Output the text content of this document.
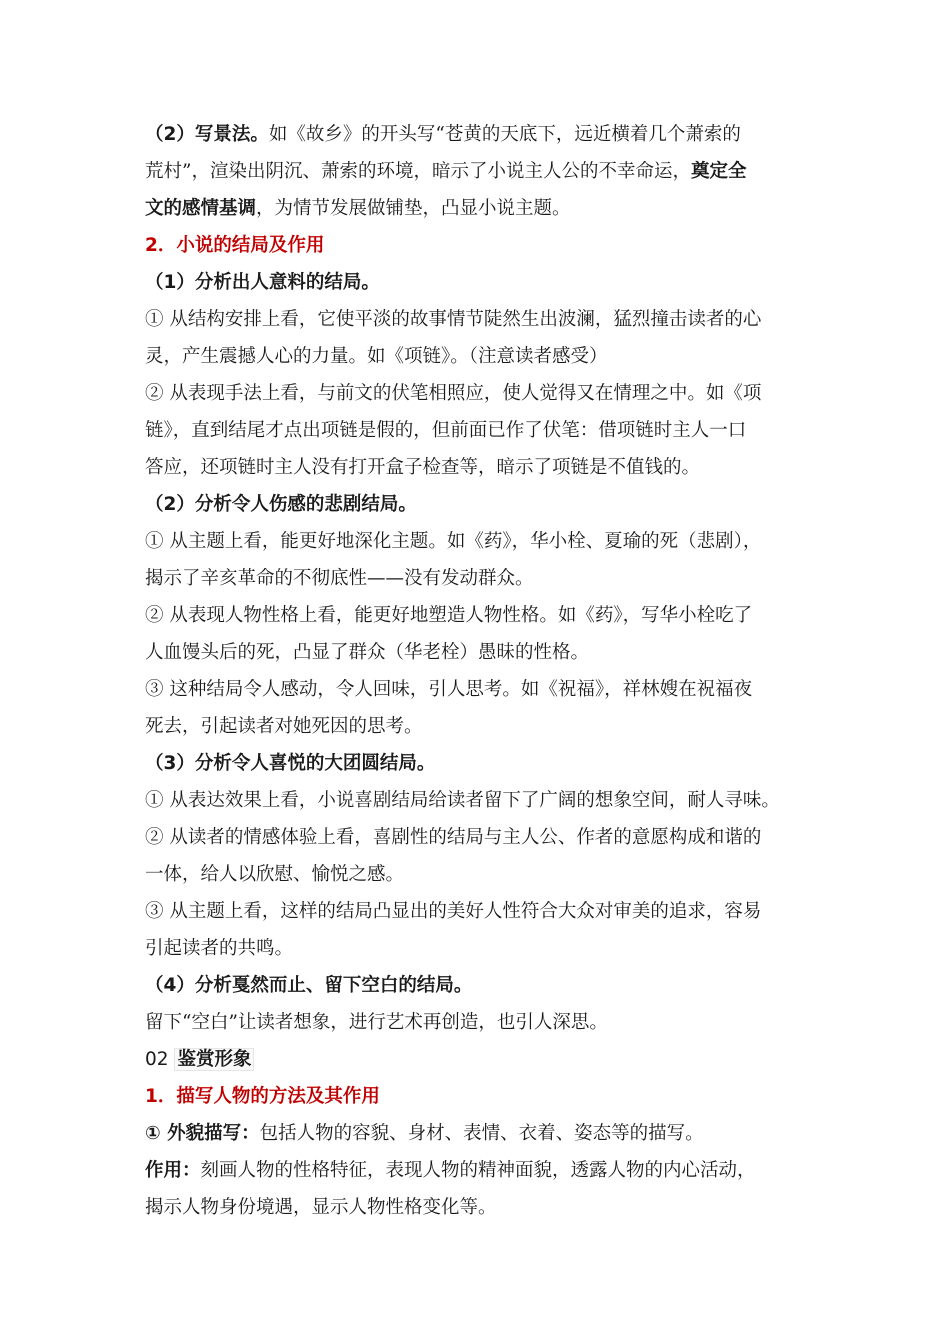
（2）写景法。如《故乡》的开头写“苍黄的天底下，远近横着几个萧索的
荒村”，渲染出阴沉、萧索的环境，暗示了小说主人公的不幸命运，奠定全
文的感情基调，为情节发展做铺垫，凸显小说主题。
2．小说的结局及作用
（1）分析出人意料的结局。
① 从结构安排上看，它使平淡的故事情节陡然生出波澜，猛烈撞击读者的心
灵，产生震撼人心的力量。如《项链》。（注意读者感受）
② 从表现手法上看，与前文的伏笔相照应，使人觉得又在情理之中。如《项
链》，直到结尾才点出项链是假的，但前面已作了伏笔：借项链时主人一口
答应，还项链时主人没有打开盒子检查等，暗示了项链是不值钱的。
（2）分析令人伤感的悲剧结局。
① 从主题上看，能更好地深化主题。如《药》，华小栓、夏瑜的死（悲剧），
揭示了辛亥革命的不彻底性——没有发动群众。
② 从表现人物性格上看，能更好地塑造人物性格。如《药》，写华小栓吃了
人血馒头后的死，凸显了群众（华老栓）愚昧的性格。
③ 这种结局令人感动，令人回味，引人思考。如《祝福》，祥林嫂在祝福夜
死去，引起读者对她死因的思考。
（3）分析令人喜悦的大团圆结局。
① 从表达效果上看，小说喜剧结局给读者留下了广阔的想象空间，耐人寻味。
② 从读者的情感体验上看，喜剧性的结局与主人公、作者的意愿构成和谐的
一体，给人以欣慰、愉悦之感。
③ 从主题上看，这样的结局凸显出的美好人性符合大众对审美的追求，容易
引起读者的共鸣。
（4）分析戛然而止、留下空白的结局。
留下“空白”让读者想象，进行艺术再创造，也引人深思。
02 鉴赏形象
1．描写人物的方法及其作用
① 外貌描写：包括人物的容貌、身材、表情、衣着、姿态等的描写。
作用：刻画人物的性格特征，表现人物的精神面貌，透露人物的内心活动，
揭示人物身份境遇，显示人物性格变化等。
